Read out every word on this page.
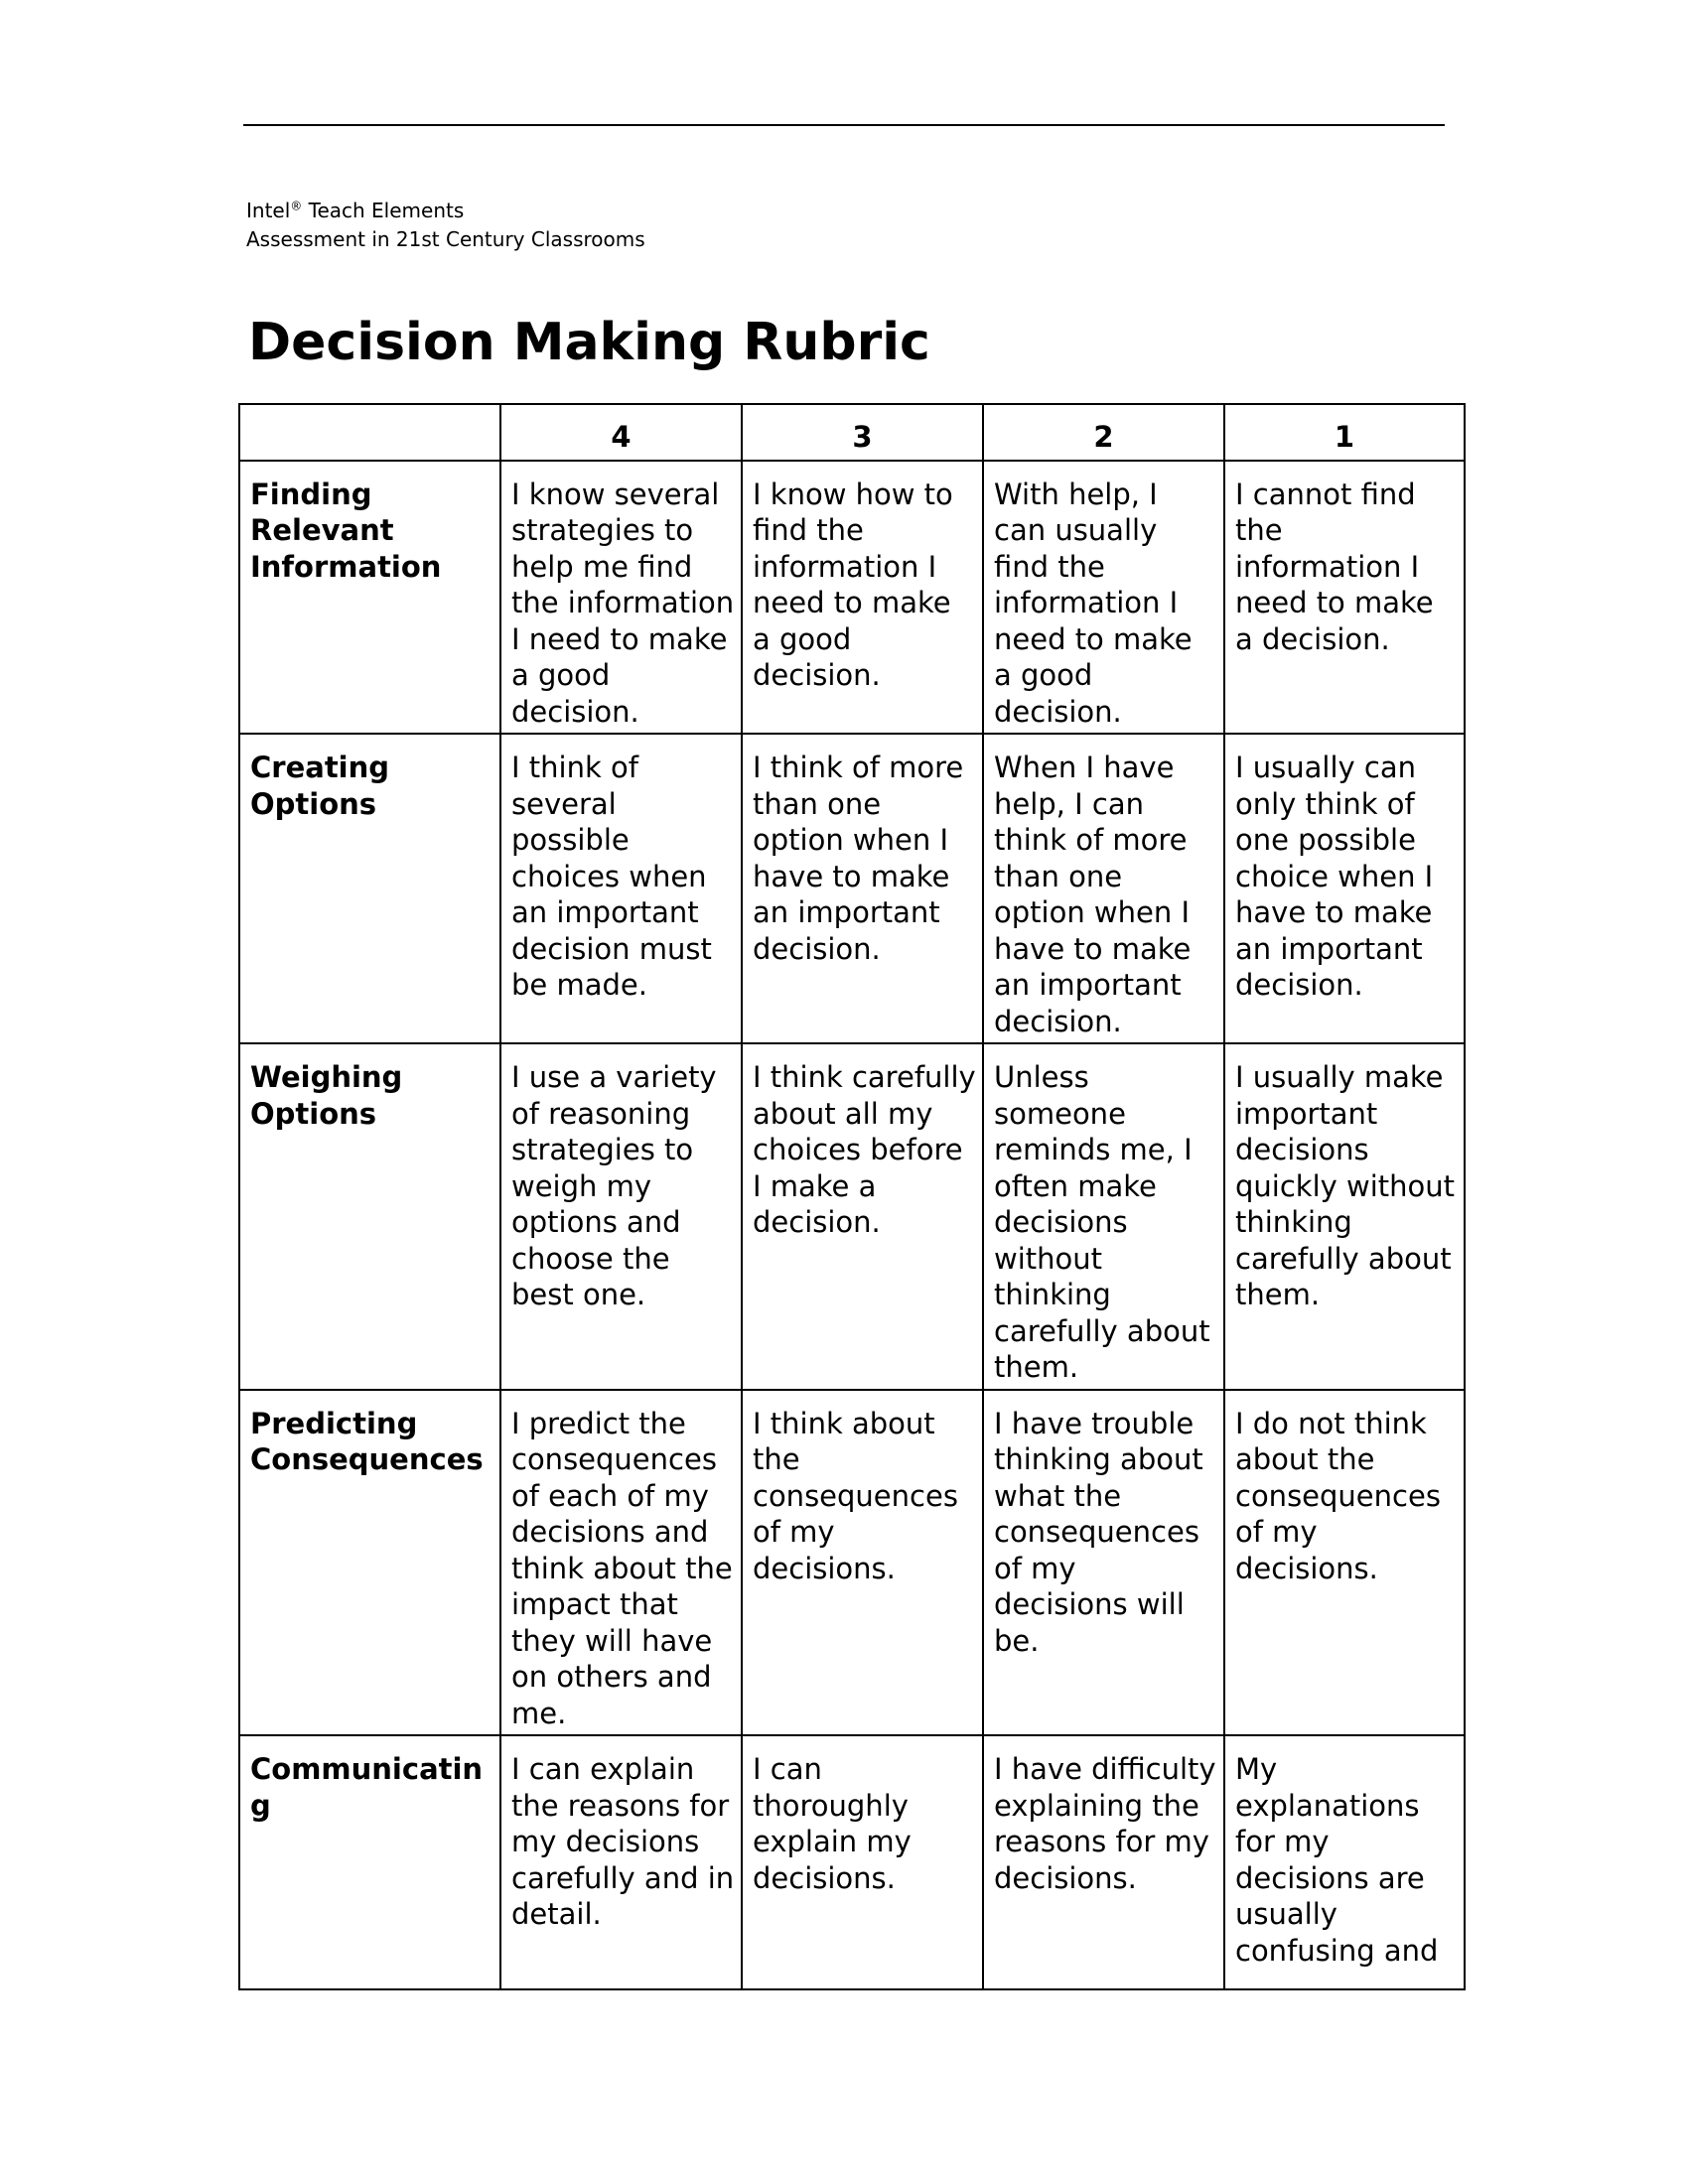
Intel® Teach Elements
Assessment in 21st Century Classrooms
Decision Making Rubric
	4	3	2	1
Finding Relevant Information	I know several strategies to help me find the information I need to make a good decision.	I know how to find the information I need to make a good decision.	With help, I can usually find the information I need to make a good decision.	I cannot find the information I need to make a decision.
Creating Options	I think of several possible choices when an important decision must be made.	I think of more than one option when I have to make an important decision.	When I have help, I can think of more than one option when I have to make an important decision.	I usually can only think of one possible choice when I have to make an important decision.
Weighing Options	I use a variety of reasoning strategies to weigh my options and choose the best one.	I think carefully about all my choices before I make a decision.	Unless someone reminds me, I often make decisions without thinking carefully about them.	I usually make important decisions quickly without thinking carefully about them.
Predicting Consequences	I predict the consequences of each of my decisions and think about the impact that they will have on others and me.	I think about the consequences of my decisions.	I have trouble thinking about what the consequences of my decisions will be.	I do not think about the consequences of my decisions.
Communicating	I can explain the reasons for my decisions carefully and in detail.	I can thoroughly explain my decisions.	I have difficulty explaining the reasons for my decisions.	My explanations for my decisions are usually confusing and
